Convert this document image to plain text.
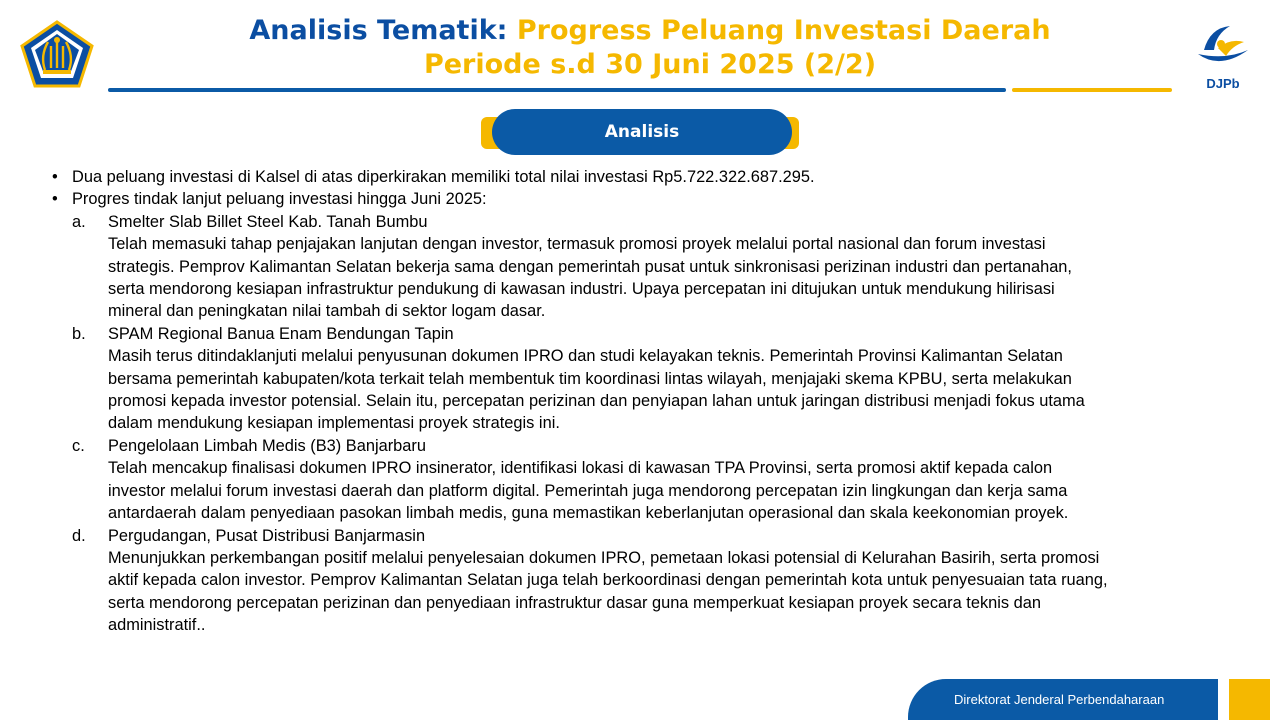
Analisis Tematik: Progress Peluang Investasi Daerah
Periode s.d 30 Juni 2025 (2/2)
DJPb
Analisis
• Dua peluang investasi di Kalsel di atas diperkirakan memiliki total nilai investasi Rp5.722.322.687.295.
• Progres tindak lanjut peluang investasi hingga Juni 2025:
a. Smelter Slab Billet Steel Kab. Tanah Bumbu
Telah memasuki tahap penjajakan lanjutan dengan investor, termasuk promosi proyek melalui portal nasional dan forum investasi
strategis. Pemprov Kalimantan Selatan bekerja sama dengan pemerintah pusat untuk sinkronisasi perizinan industri dan pertanahan,
serta mendorong kesiapan infrastruktur pendukung di kawasan industri. Upaya percepatan ini ditujukan untuk mendukung hilirisasi
mineral dan peningkatan nilai tambah di sektor logam dasar.
b. SPAM Regional Banua Enam Bendungan Tapin
Masih terus ditindaklanjuti melalui penyusunan dokumen IPRO dan studi kelayakan teknis. Pemerintah Provinsi Kalimantan Selatan
bersama pemerintah kabupaten/kota terkait telah membentuk tim koordinasi lintas wilayah, menjajaki skema KPBU, serta melakukan
promosi kepada investor potensial. Selain itu, percepatan perizinan dan penyiapan lahan untuk jaringan distribusi menjadi fokus utama
dalam mendukung kesiapan implementasi proyek strategis ini.
c. Pengelolaan Limbah Medis (B3) Banjarbaru
Telah mencakup finalisasi dokumen IPRO insinerator, identifikasi lokasi di kawasan TPA Provinsi, serta promosi aktif kepada calon
investor melalui forum investasi daerah dan platform digital. Pemerintah juga mendorong percepatan izin lingkungan dan kerja sama
antardaerah dalam penyediaan pasokan limbah medis, guna memastikan keberlanjutan operasional dan skala keekonomian proyek.
d. Pergudangan, Pusat Distribusi Banjarmasin
Menunjukkan perkembangan positif melalui penyelesaian dokumen IPRO, pemetaan lokasi potensial di Kelurahan Basirih, serta promosi
aktif kepada calon investor. Pemprov Kalimantan Selatan juga telah berkoordinasi dengan pemerintah kota untuk penyesuaian tata ruang,
serta mendorong percepatan perizinan dan penyediaan infrastruktur dasar guna memperkuat kesiapan proyek secara teknis dan
administratif..
Direktorat Jenderal Perbendaharaan
